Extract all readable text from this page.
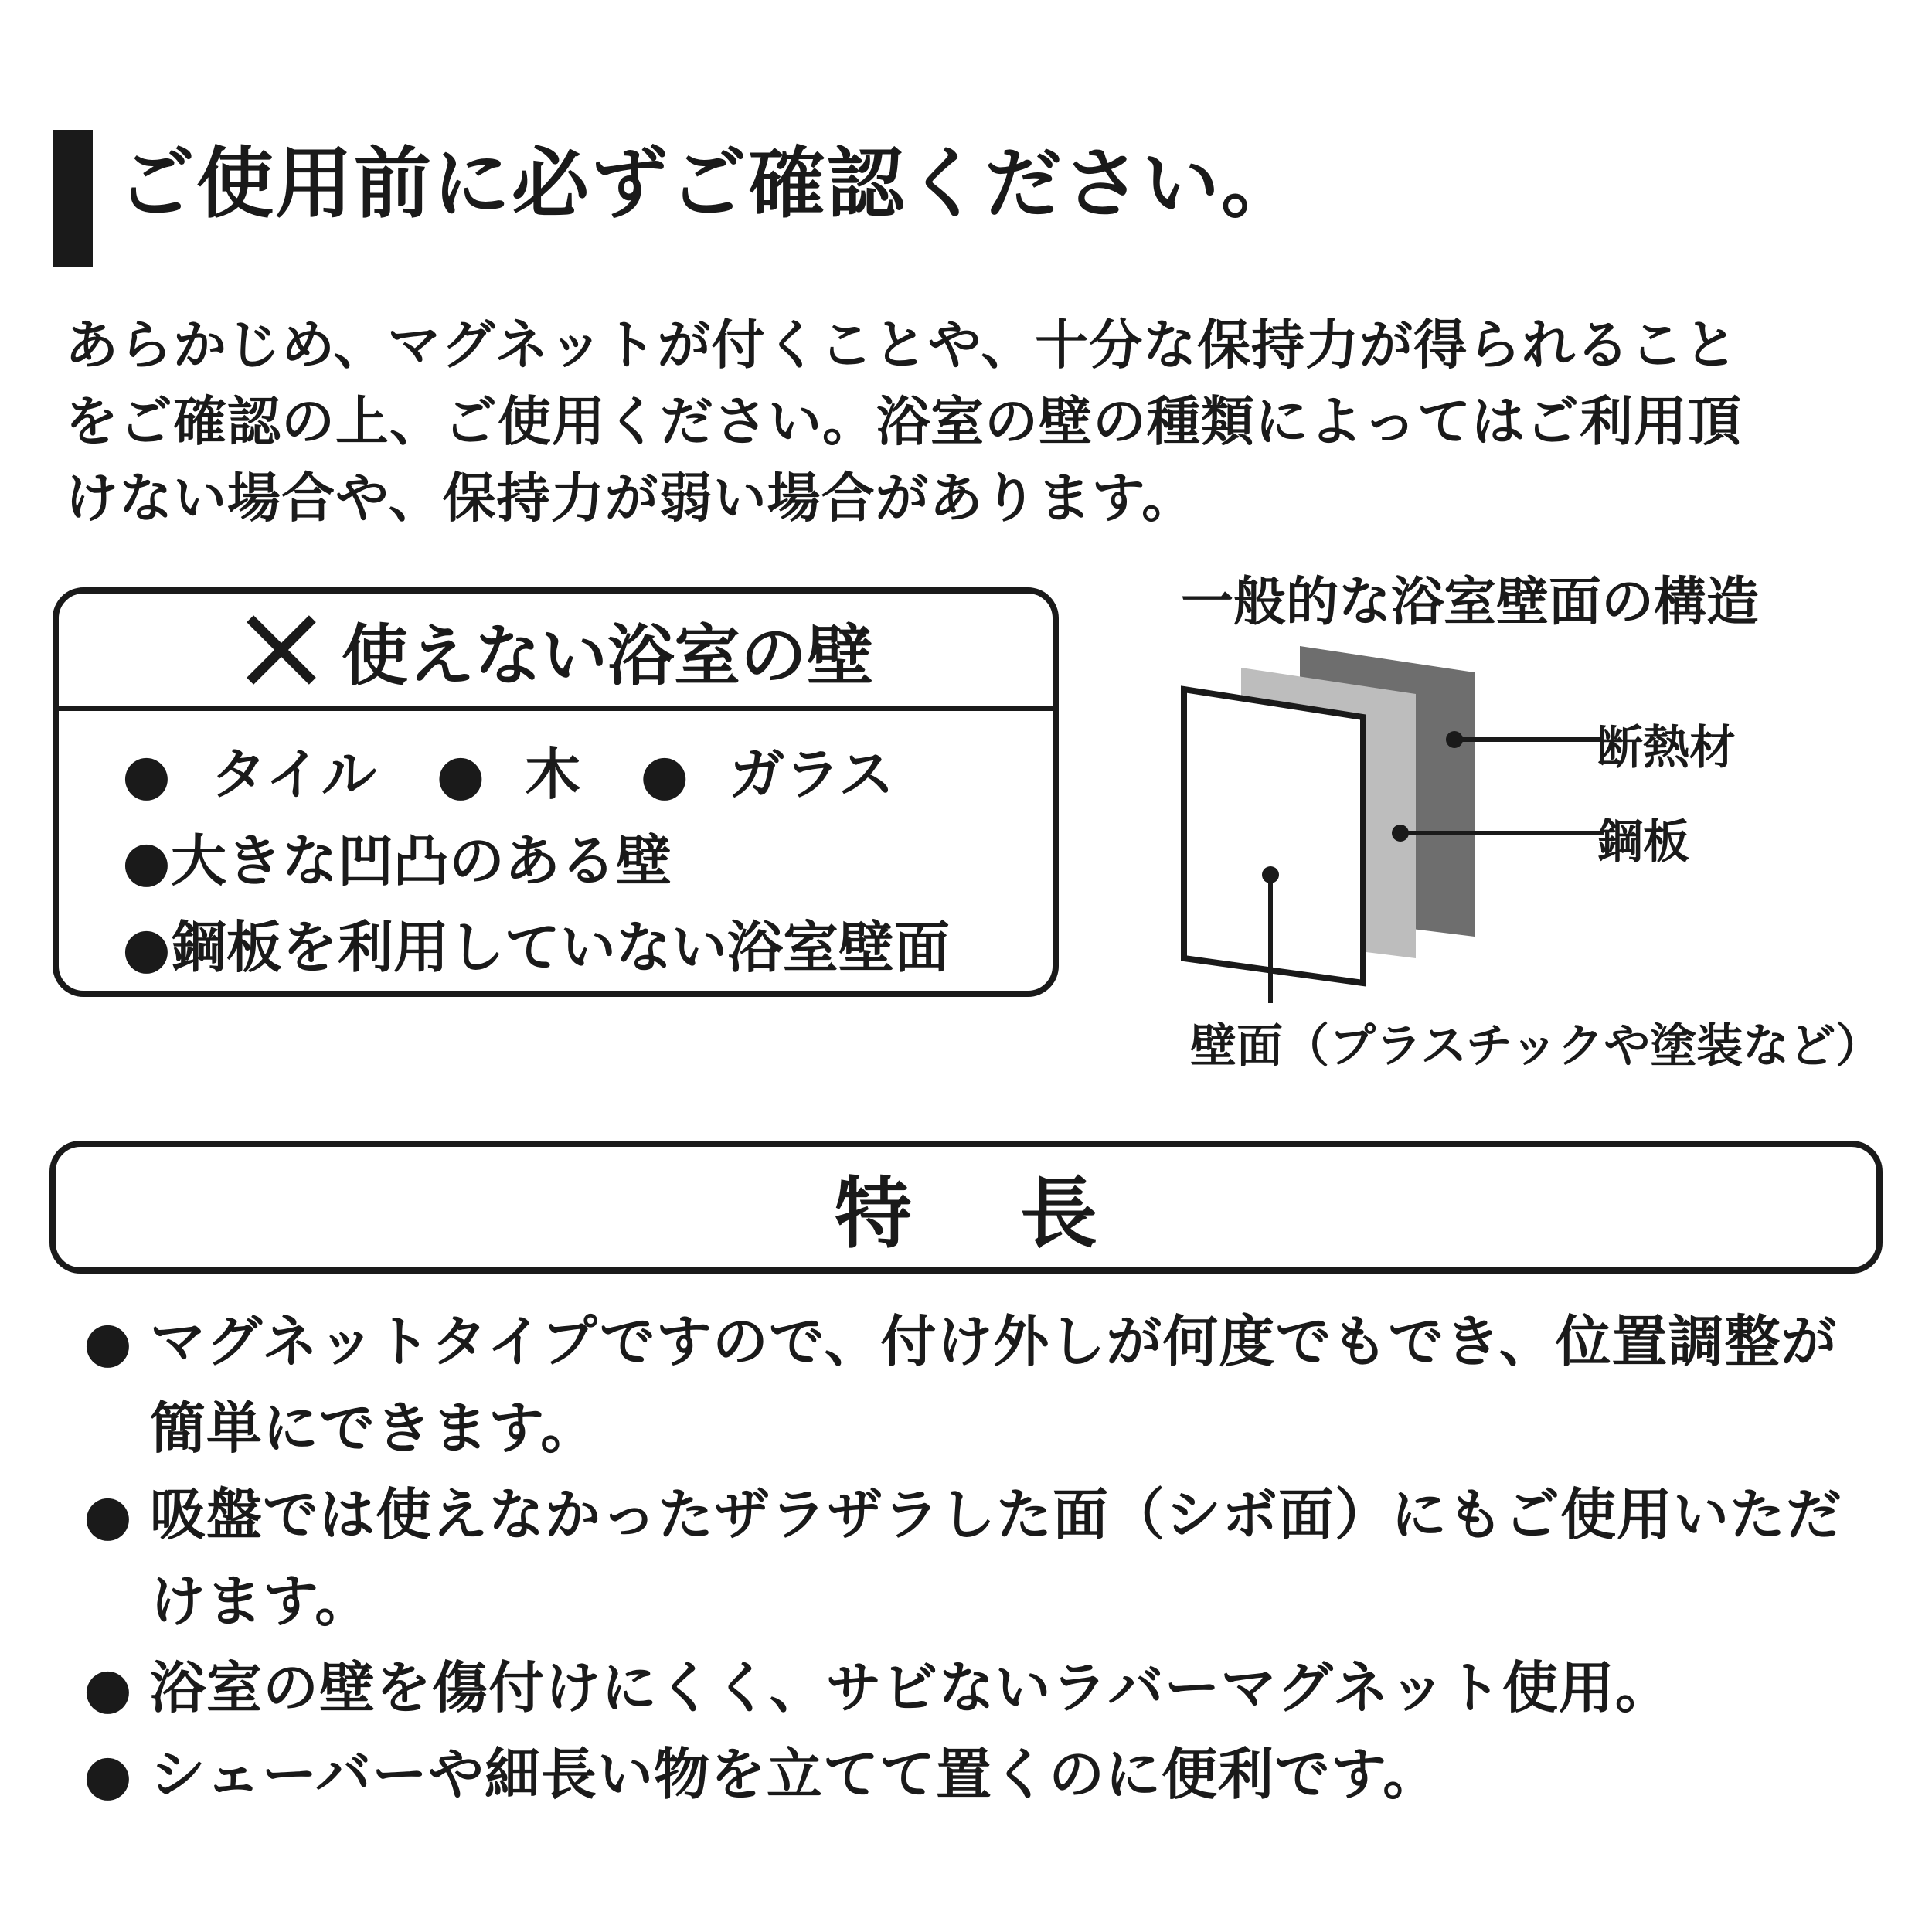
ご使用前に必ずご確認ください。
あらかじめ、マグネットが付くことや、十分な保持力が得られること
をご確認の上、ご使用ください。浴室の壁の種類によってはご利用頂
けない場合や、保持力が弱い場合があります。
使えない浴室の壁
● タイル ● 木 ● ガラス
●大きな凹凸のある壁
●鋼板を利用していない浴室壁面
一般的な浴室壁面の構造
断熱材
鋼板
壁面（プラスチックや塗装など）
特長
● マグネットタイプですので、付け外しが何度でもでき、位置調整が簡単にできます。
● 吸盤では使えなかったザラザラした面（シボ面）にもご使用いただけます。
● 浴室の壁を傷付けにくく、サビないラバーマグネット使用。
● シェーバーや細長い物を立てて置くのに便利です。
